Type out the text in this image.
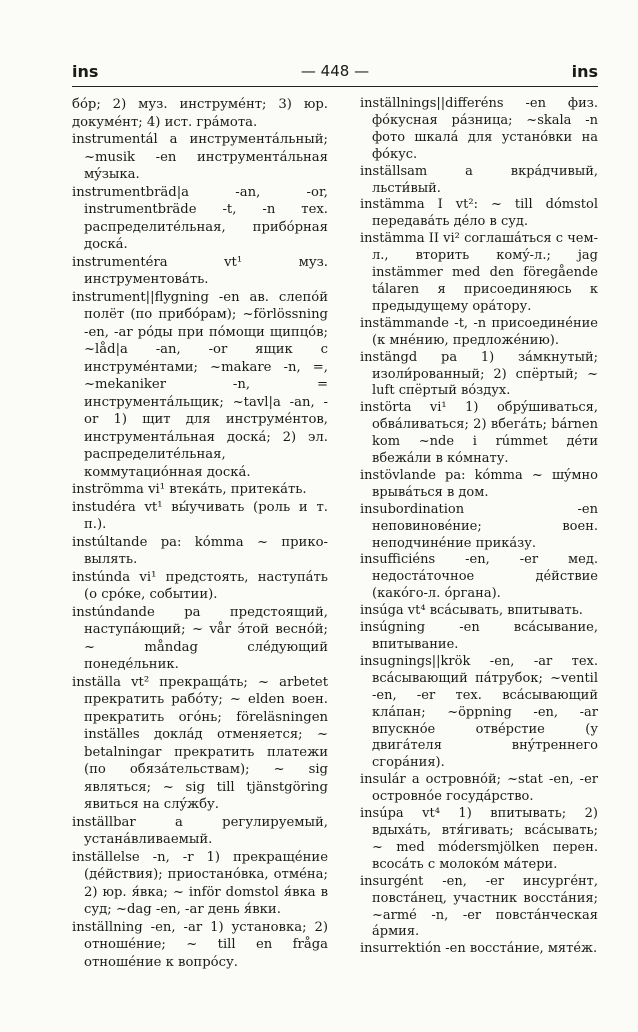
ins	— 448 —	ins

бóр; 2) муз. инструмéнт; 3) юр. докумéнт; 4) ист. грáмота.

instrumentál a инструментáльный; ~musik -en инструментáльная мýзыка.

instrumentbräd|a -an, -or, instrumentbräde -t, -n тех. распределитéльная, прибóрная доскá.

instrumentéra vt¹ муз. инструментовáть.

instrument||flygning -en ав. слепóй полёт (по прибóрам); ~förlössning -en, -ar рóды при пóмощи щипцóв; ~låd|a -an, -or ящик с инструмéнтами; ~makare -n, =, ~mekaniker -n, = инструментáльщик; ~tavl|a -an, -or 1) щит для инструмéнтов, инструментáльная доскá; 2) эл. распределитéльная, коммутациóнная доскá.

inströmma vi¹ втекáть, притекáть.

instudéra vt¹ вы́учивать (роль и т. п.).

instúltande pa: kómma ~ приковылять.

instúnda vi¹ предстоять, наступáть (о срóке, событии).

instúndande pa предстоящий, наступáющий; ~ vår э́той веснóй; ~ måndag слéдующий понедéльник.

inställa vt² прекращáть; ~ arbetet прекратить рабóту; ~ elden воен. прекратить огóнь; föreläsningen inställes доклáд отменяется; ~ betalningar прекратить платежи (по обязáтельствам); ~ sig являться; ~ sig till tjänstgöring явиться на слýжбу.

inställbar a регулируемый, устанáвливаемый.

inställelse -n, -r 1) прекращéние (дéйствия); приостанóвка, отмéна; 2) юр. я́вка; ~ inför domstol я́вка в суд; ~dag -en, -ar день я́вки.

inställning -en, -ar 1) установка; 2) отношéние; ~ till en fråga отношéние к вопрóсу.

inställnings||differéns -en физ. фóкусная рáзница; ~skala -n фото шкалá для устанóвки на фóкус.

inställsam a вкрáдчивый, льсти́вый.

instämma I vt²: ~ till dómstol передавáть дéло в суд.

instämma II vi² соглашáться с чем-л., вторить комý-л.; jag instämmer med den föregående tálaren я присоединяюсь к предыдущему орáтору.

instämmande -t, -n присоединéние (к мнéнию, предложéнию).

instängd pa 1) зáмкнутый; изоли́рованный; 2) спёртый; ~ luft спёртый вóздух.

instörta vi¹ 1) обрýшиваться, обвáливаться; 2) вбегáть; bárnen kom ~nde i rúmmet дéти вбежáли в кóмнату.

instövlande pa: kómma ~ шýмно врывáться в дом.

insubordination -en неповиновéние; воен. неподчинéние прикáзу.

insufficiéns -en, -er мед. недостáточное дéйствие (какóго-л. óргана).

insúga vt⁴ всáсывать, впитывать.

insúgning -en всáсывание, впитывание.

insugnings||krök -en, -ar тех. всáсывающий пáтрубок; ~ventil -en, -er тех. всáсывающий клáпан; ~öppning -en, -ar впускнóе отвéрстие (у двигáтеля внýтреннего сгорáния).

insulár a островнóй; ~stat -en, -er островнóе госудáрство.

insúpa vt⁴ 1) впитывать; 2) вдыхáть, втя́гивать; всáсывать; ~ med módersmjölken перен. всосáть с молокóм мáтери.

insurgént -en, -er инсургéнт, повстáнец, участник восстáния; ~armé -n, -er повстáнческая áрмия.

insurrektión -en восстáние, мятéж.
